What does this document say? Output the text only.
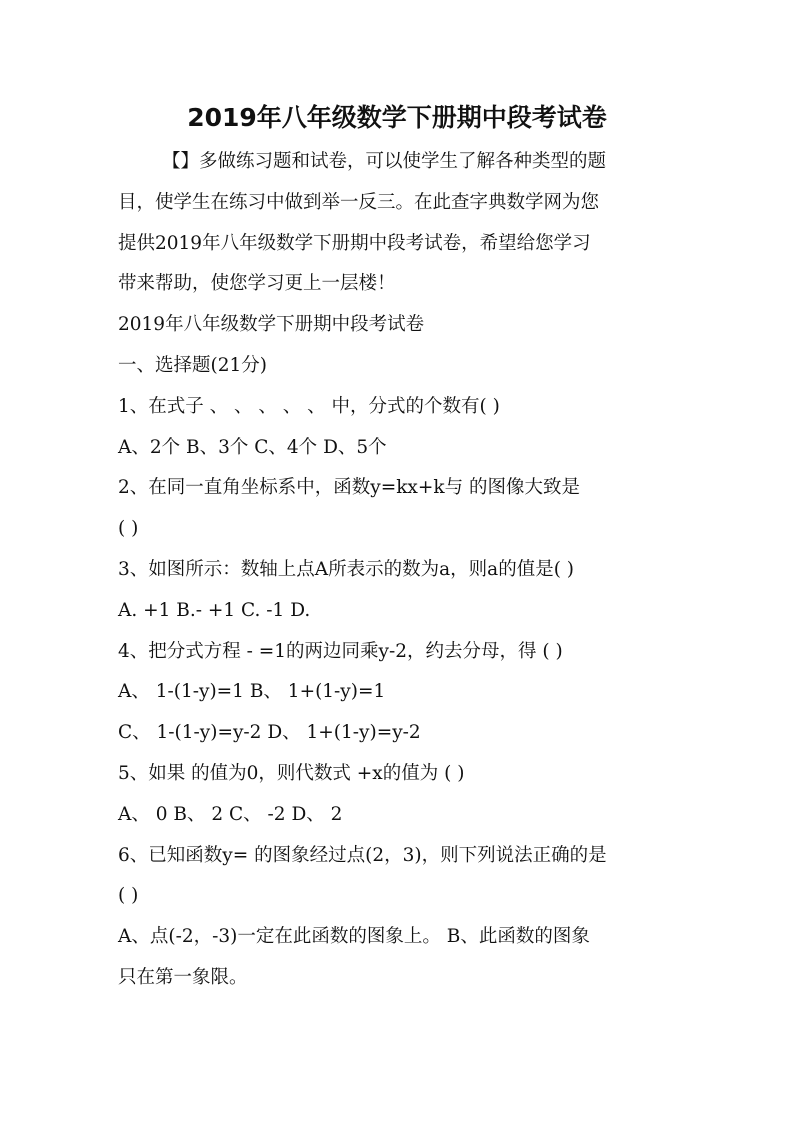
2019年八年级数学下册期中段考试卷

【】多做练习题和试卷，可以使学生了解各种类型的题

目，使学生在练习中做到举一反三。在此查字典数学网为您

提供2019年八年级数学下册期中段考试卷，希望给您学习

带来帮助，使您学习更上一层楼！

2019年八年级数学下册期中段考试卷

一、选择题(21分)

1、在式子 、 、 、 、 、 中，分式的个数有( )

A、2个 B、3个 C、4个 D、5个

2、在同一直角坐标系中，函数y=kx+k与 的图像大致是

( )

3、如图所示：数轴上点A所表示的数为a，则a的值是( )

A. +1 B.- +1 C. -1 D.

4、把分式方程 - =1的两边同乘y-2，约去分母，得 ( )

A、 1-(1-y)=1 B、 1+(1-y)=1

C、 1-(1-y)=y-2 D、 1+(1-y)=y-2

5、如果 的值为0，则代数式 +x的值为 ( )

A、 0 B、 2 C、 -2 D、 2

6、已知函数y= 的图象经过点(2，3)，则下列说法正确的是

( )

A、点(-2，-3)一定在此函数的图象上。 B、此函数的图象

只在第一象限。
